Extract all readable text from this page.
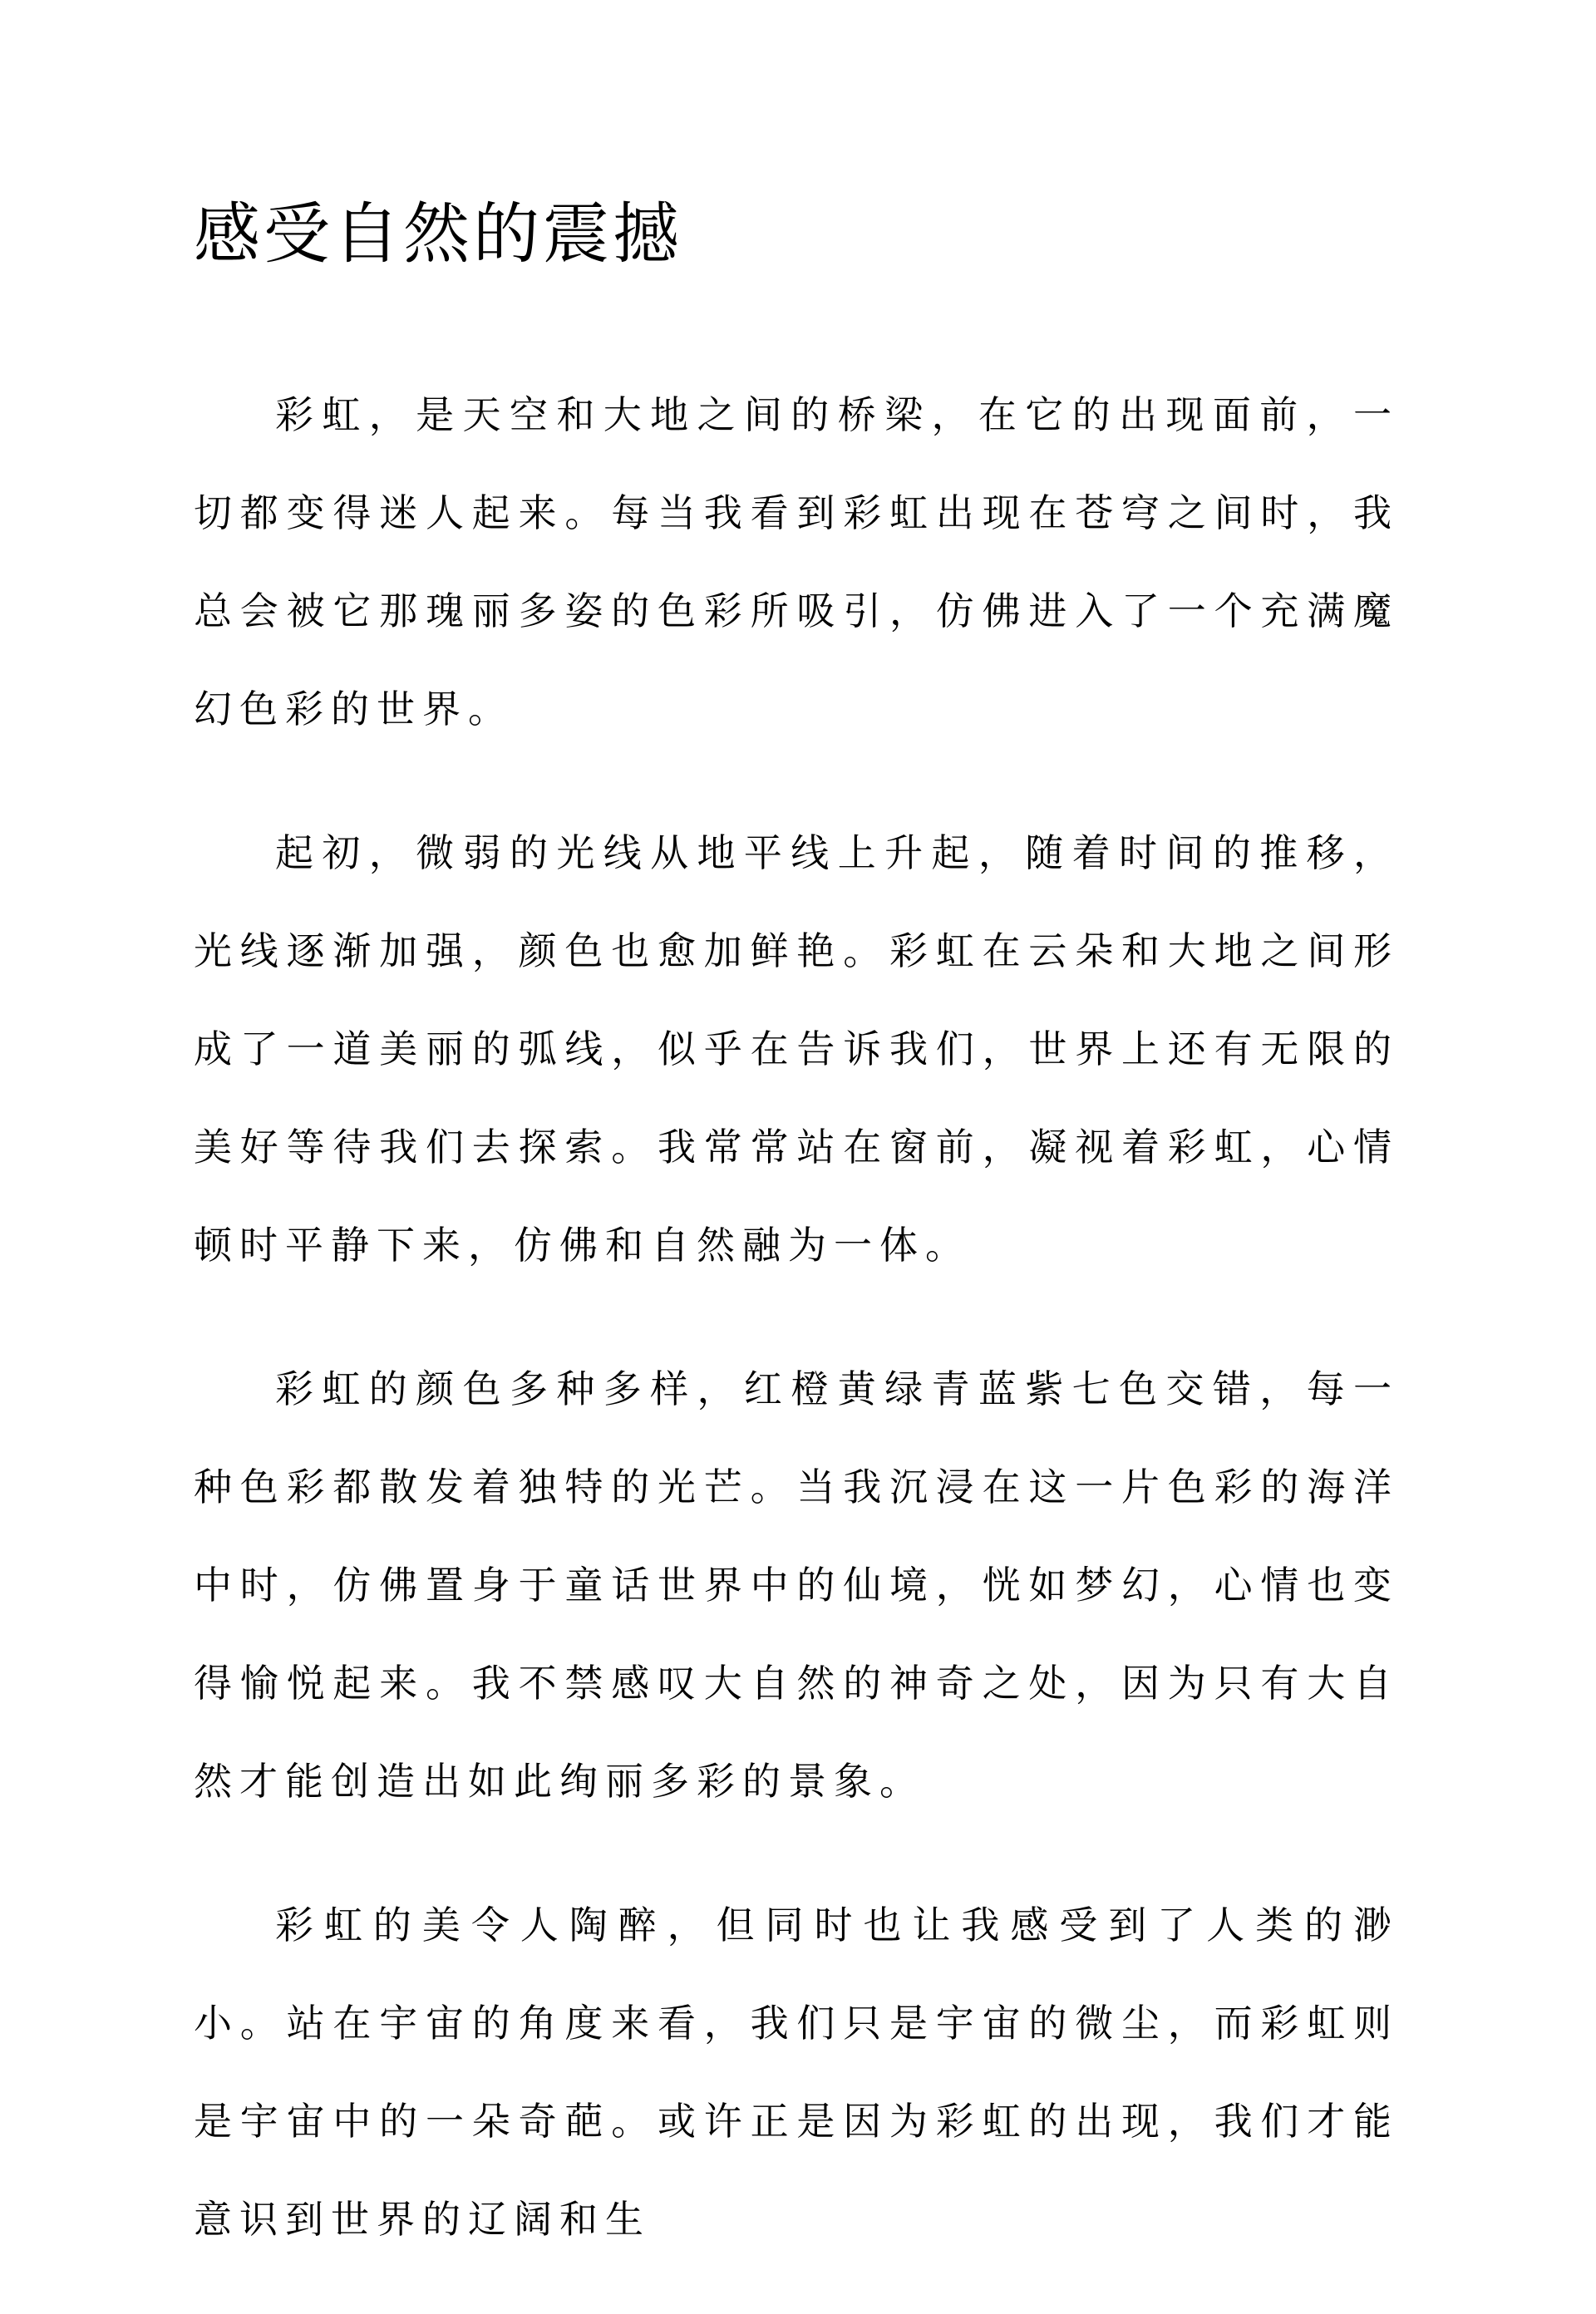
感受自然的震撼

彩虹，是天空和大地之间的桥梁，在它的出现面前，一切都变得迷人起来。每当我看到彩虹出现在苍穹之间时，我总会被它那瑰丽多姿的色彩所吸引，仿佛进入了一个充满魔幻色彩的世界。

起初，微弱的光线从地平线上升起，随着时间的推移，光线逐渐加强，颜色也愈加鲜艳。彩虹在云朵和大地之间形成了一道美丽的弧线，似乎在告诉我们，世界上还有无限的美好等待我们去探索。我常常站在窗前，凝视着彩虹，心情顿时平静下来，仿佛和自然融为一体。

彩虹的颜色多种多样，红橙黄绿青蓝紫七色交错，每一种色彩都散发着独特的光芒。当我沉浸在这一片色彩的海洋中时，仿佛置身于童话世界中的仙境，恍如梦幻，心情也变得愉悦起来。我不禁感叹大自然的神奇之处，因为只有大自然才能创造出如此绚丽多彩的景象。

彩虹的美令人陶醉，但同时也让我感受到了人类的渺小。站在宇宙的角度来看，我们只是宇宙的微尘，而彩虹则是宇宙中的一朵奇葩。或许正是因为彩虹的出现，我们才能意识到世界的辽阔和生
